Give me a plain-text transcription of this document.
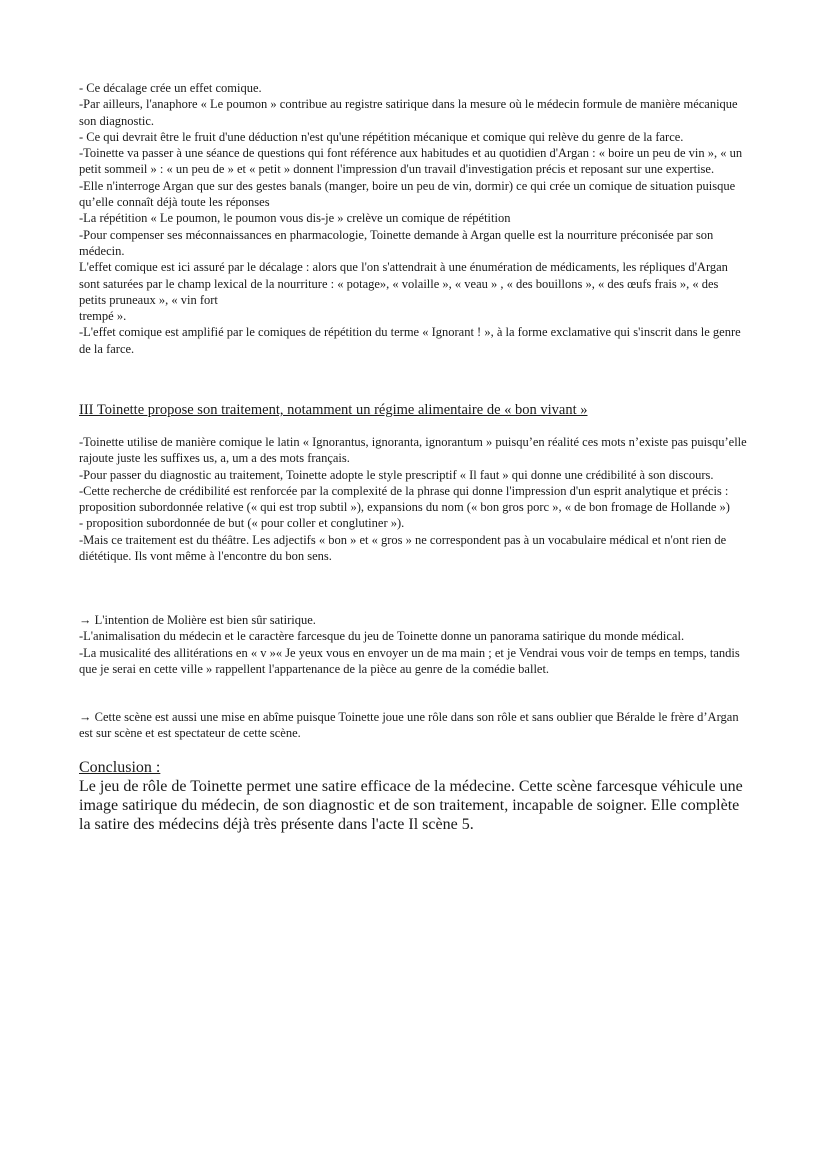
- Ce décalage crée un effet comique.

-Par ailleurs, l'anaphore « Le poumon » contribue au registre satirique dans la mesure où le médecin formule de manière mécanique son diagnostic.

- Ce qui devrait être le fruit d'une déduction n'est qu'une répétition mécanique et comique qui relève du genre de la farce.

-Toinette va passer à une séance de questions qui font référence aux habitudes et au quotidien d'Argan : « boire un peu de vin », « un petit sommeil » : « un peu de » et « petit » donnent l'impression d'un travail d'investigation précis et reposant sur une expertise.

-Elle n'interroge Argan que sur des gestes banals (manger, boire un peu de vin, dormir) ce qui crée un comique de situation puisque qu’elle connaît déjà toute les réponses

-La répétition « Le poumon, le poumon vous dis-je » crelève un comique de répétition

-Pour compenser ses méconnaissances en pharmacologie, Toinette demande à Argan quelle est la nourriture préconisée par son médecin.

L'effet comique est ici assuré par le décalage : alors que l'on s'attendrait à une énumération de médicaments, les répliques d'Argan sont saturées par le champ lexical de la nourriture : « potage», « volaille », « veau » , « des bouillons », « des œufs frais », « des petits pruneaux », « vin fort

trempé ».

-L'effet comique est amplifié par le comiques de répétition du terme « Ignorant ! », à la forme exclamative qui s'inscrit dans le genre de la farce.

III Toinette propose son traitement, notamment un régime alimentaire de « bon vivant »

-Toinette utilise de manière comique le latin « Ignorantus, ignoranta, ignorantum » puisqu’en réalité ces mots n’existe pas puisqu’elle rajoute juste les suffixes us, a, um a des mots français.

-Pour passer du diagnostic au traitement, Toinette adopte le style prescriptif « Il faut » qui donne une crédibilité à son discours.

-Cette recherche de crédibilité est renforcée par la complexité de la phrase qui donne l'impression d'un esprit analytique et précis : proposition subordonnée relative (« qui est trop subtil »), expansions du nom (« bon gros porc », « de bon fromage de Hollande »)

- proposition subordonnée de but (« pour coller et conglutiner »).

-Mais ce traitement est du théâtre. Les adjectifs « bon » et « gros » ne correspondent pas à un vocabulaire médical et n'ont rien de diététique. Ils vont même à l'encontre du bon sens.

→ L'intention de Molière est bien sûr satirique.

-L'animalisation du médecin et le caractère farcesque du jeu de Toinette donne un panorama satirique du monde médical.

-La musicalité des allitérations en « v »« Je yeux vous en envoyer un de ma main ; et je Vendrai vous voir de temps en temps, tandis que je serai en cette ville » rappellent l'appartenance de la pièce au genre de la comédie ballet.

→ Cette scène est aussi une mise en abîme puisque Toinette joue une rôle dans son rôle et sans oublier que Béralde le frère d’Argan est sur scène et est spectateur de cette scène.

Conclusion :

Le jeu de rôle de Toinette permet une satire efficace de la médecine. Cette scène farcesque véhicule une image satirique du médecin, de son diagnostic et de son traitement, incapable de soigner. Elle complète la satire des médecins déjà très présente dans l'acte Il scène 5.
